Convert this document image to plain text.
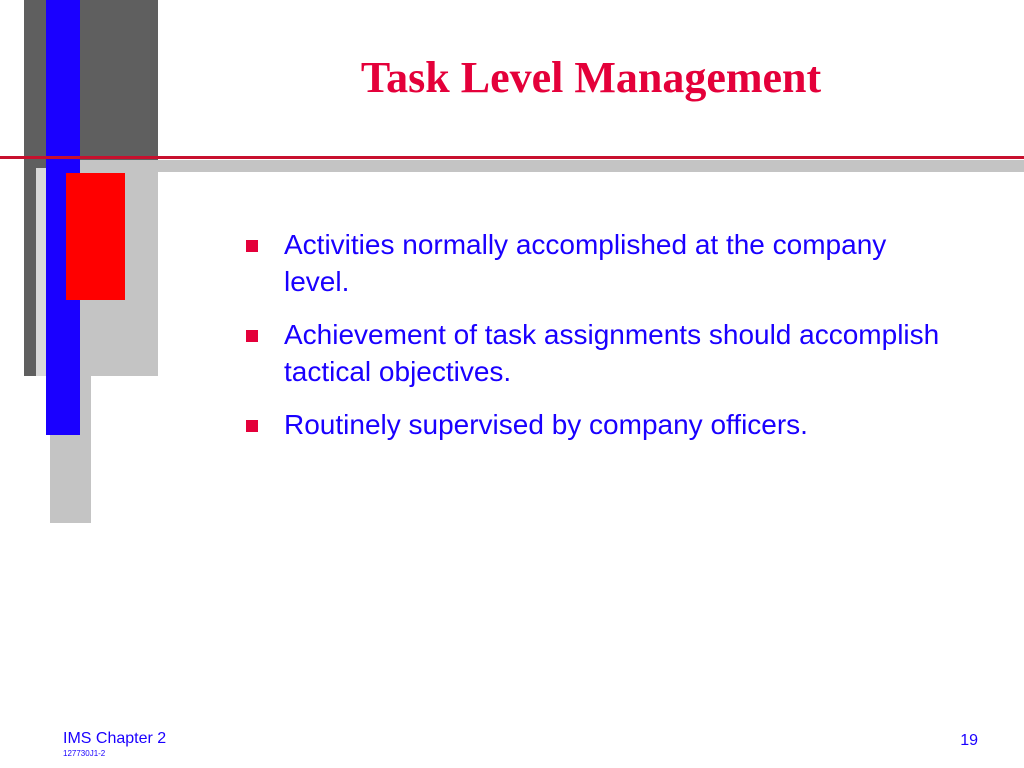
Task Level Management
Activities normally accomplished at the company level.
Achievement of task assignments should accomplish tactical objectives.
Routinely supervised by company officers.
IMS Chapter 2
127730J1-2
19
